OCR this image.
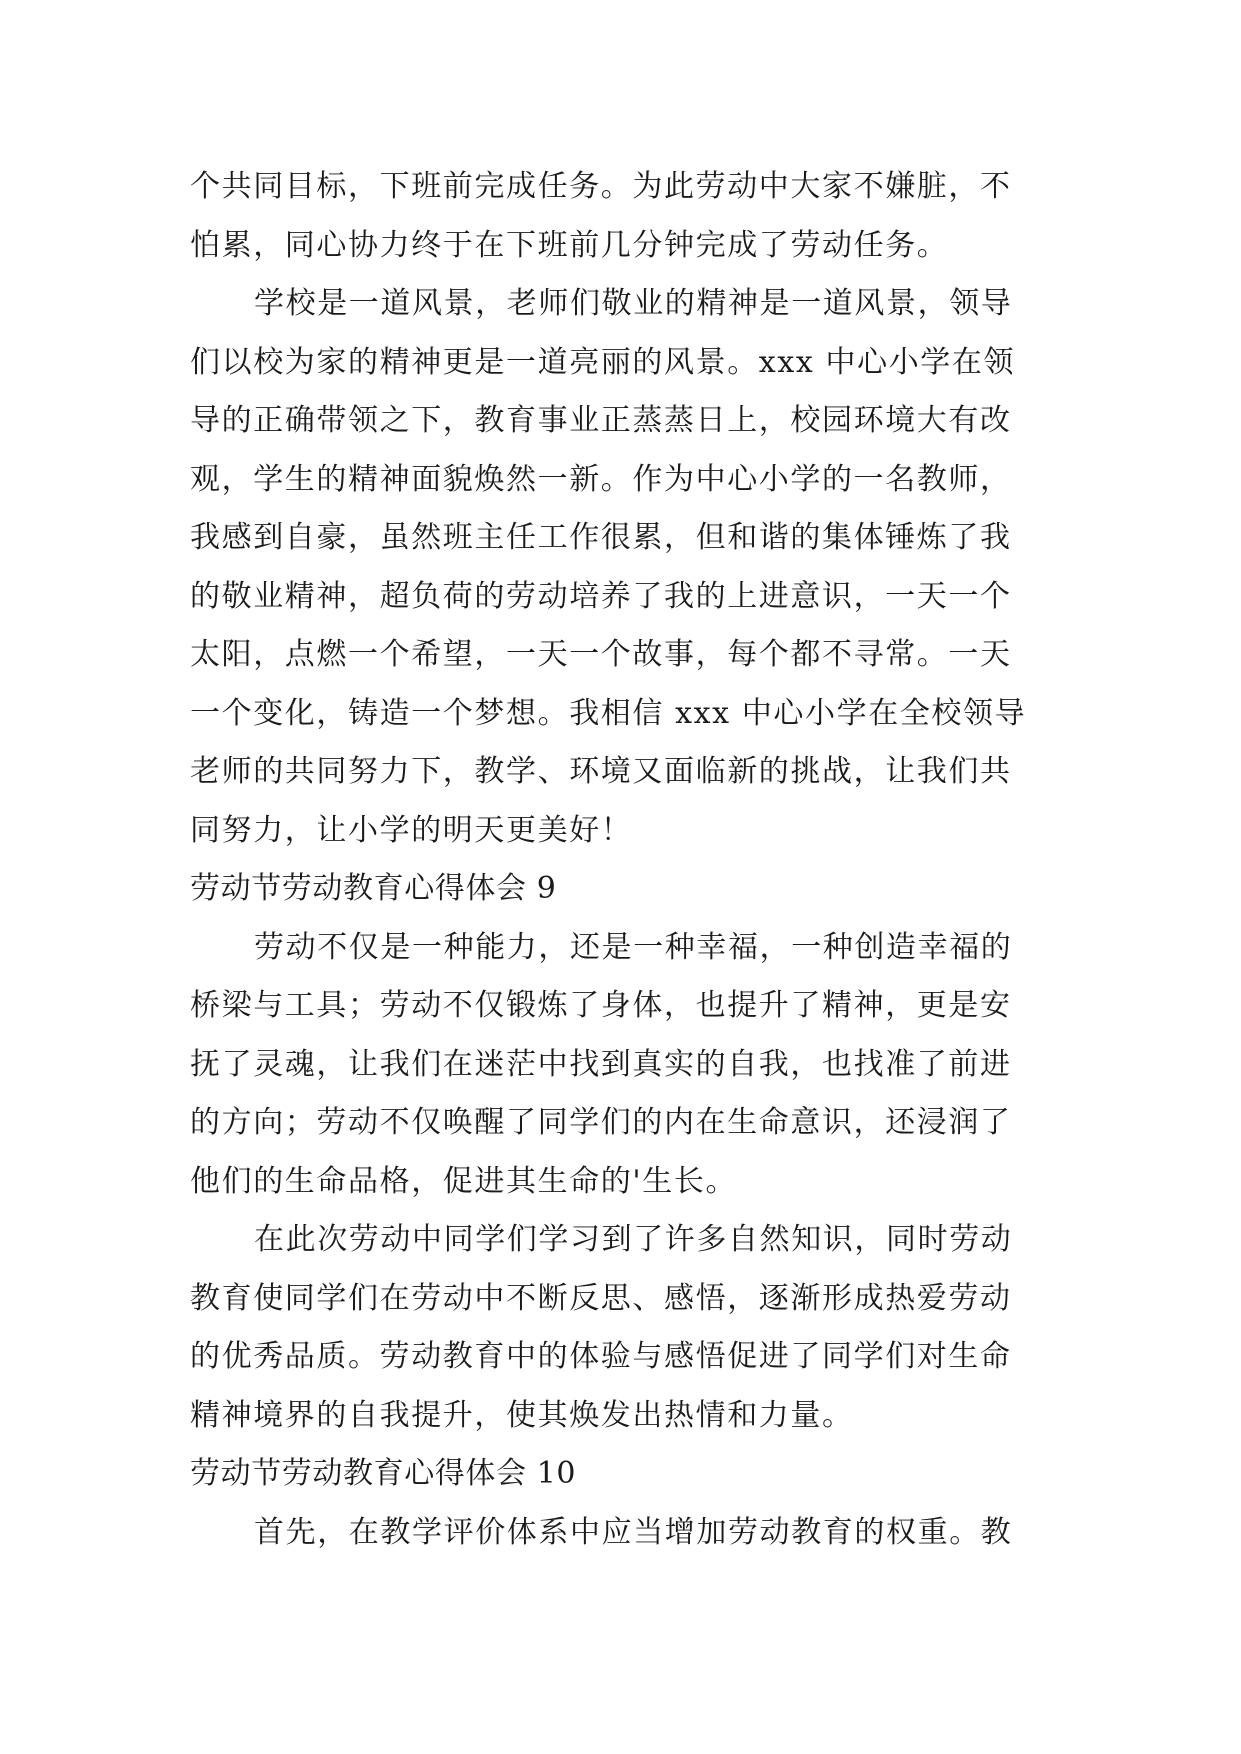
个共同目标，下班前完成任务。为此劳动中大家不嫌脏，不
怕累，同心协力终于在下班前几分钟完成了劳动任务。
学校是一道风景，老师们敬业的精神是一道风景，领导
们以校为家的精神更是一道亮丽的风景。xxx 中心小学在领
导的正确带领之下，教育事业正蒸蒸日上，校园环境大有改
观，学生的精神面貌焕然一新。作为中心小学的一名教师，
我感到自豪，虽然班主任工作很累，但和谐的集体锤炼了我
的敬业精神，超负荷的劳动培养了我的上进意识，一天一个
太阳，点燃一个希望，一天一个故事，每个都不寻常。一天
一个变化，铸造一个梦想。我相信 xxx 中心小学在全校领导
老师的共同努力下，教学、环境又面临新的挑战，让我们共
同努力，让小学的明天更美好！
劳动节劳动教育心得体会 9
劳动不仅是一种能力，还是一种幸福，一种创造幸福的
桥梁与工具；劳动不仅锻炼了身体，也提升了精神，更是安
抚了灵魂，让我们在迷茫中找到真实的自我，也找准了前进
的方向；劳动不仅唤醒了同学们的内在生命意识，还浸润了
他们的生命品格，促进其生命的'生长。
在此次劳动中同学们学习到了许多自然知识，同时劳动
教育使同学们在劳动中不断反思、感悟，逐渐形成热爱劳动
的优秀品质。劳动教育中的体验与感悟促进了同学们对生命
精神境界的自我提升，使其焕发出热情和力量。
劳动节劳动教育心得体会 10
首先，在教学评价体系中应当增加劳动教育的权重。教
